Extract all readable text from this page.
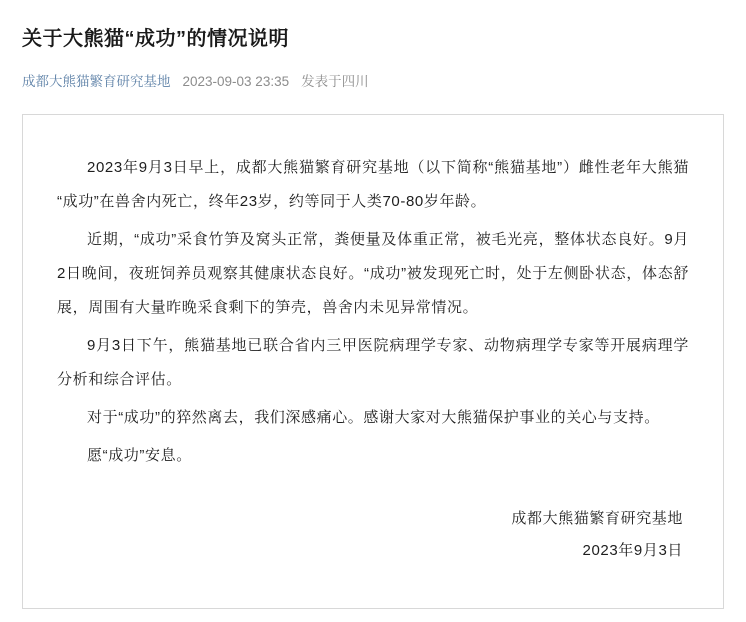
关于大熊猫“成功”的情况说明
成都大熊猫繁育研究基地 2023-09-03 23:35 发表于四川

2023年9月3日早上，成都大熊猫繁育研究基地（以下简称“熊猫基地”）雌性老年大熊猫“成功”在兽舍内死亡，终年23岁，约等同于人类70-80岁年龄。

近期，“成功”采食竹笋及窝头正常，粪便量及体重正常，被毛光亮，整体状态良好。9月2日晚间，夜班饲养员观察其健康状态良好。“成功”被发现死亡时，处于左侧卧状态，体态舒展，周围有大量昨晚采食剩下的笋壳，兽舍内未见异常情况。

9月3日下午，熊猫基地已联合省内三甲医院病理学专家、动物病理学专家等开展病理学分析和综合评估。

对于“成功”的猝然离去，我们深感痛心。感谢大家对大熊猫保护事业的关心与支持。

愿“成功”安息。

成都大熊猫繁育研究基地
2023年9月3日
